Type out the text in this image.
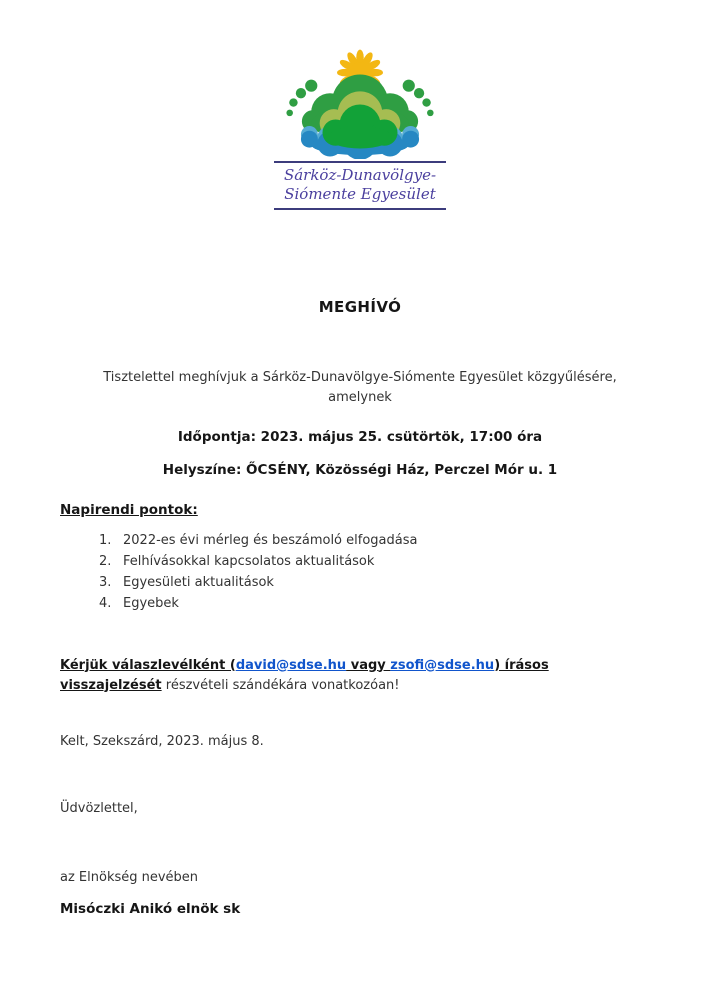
Sárköz-Dunavölgye-
Siómente Egyesület
MEGHÍVÓ

Tisztelettel meghívjuk a Sárköz-Dunavölgye-Siómente Egyesület közgyűlésére,
amelynek

Időpontja: 2023. május 25. csütörtök, 17:00 óra

Helyszíne: ŐCSÉNY, Közösségi Ház, Perczel Mór u. 1

Napirendi pontok:

1. 2022-es évi mérleg és beszámoló elfogadása
2. Felhívásokkal kapcsolatos aktualitások
3. Egyesületi aktualitások
4. Egyebek

Kérjük válaszlevélként (david@sdse.hu vagy zsofi@sdse.hu) írásos visszajelzését részvételi szándékára vonatkozóan!

Kelt, Szekszárd, 2023. május 8.

Üdvözlettel,

az Elnökség nevében

Misóczki Anikó elnök sk
